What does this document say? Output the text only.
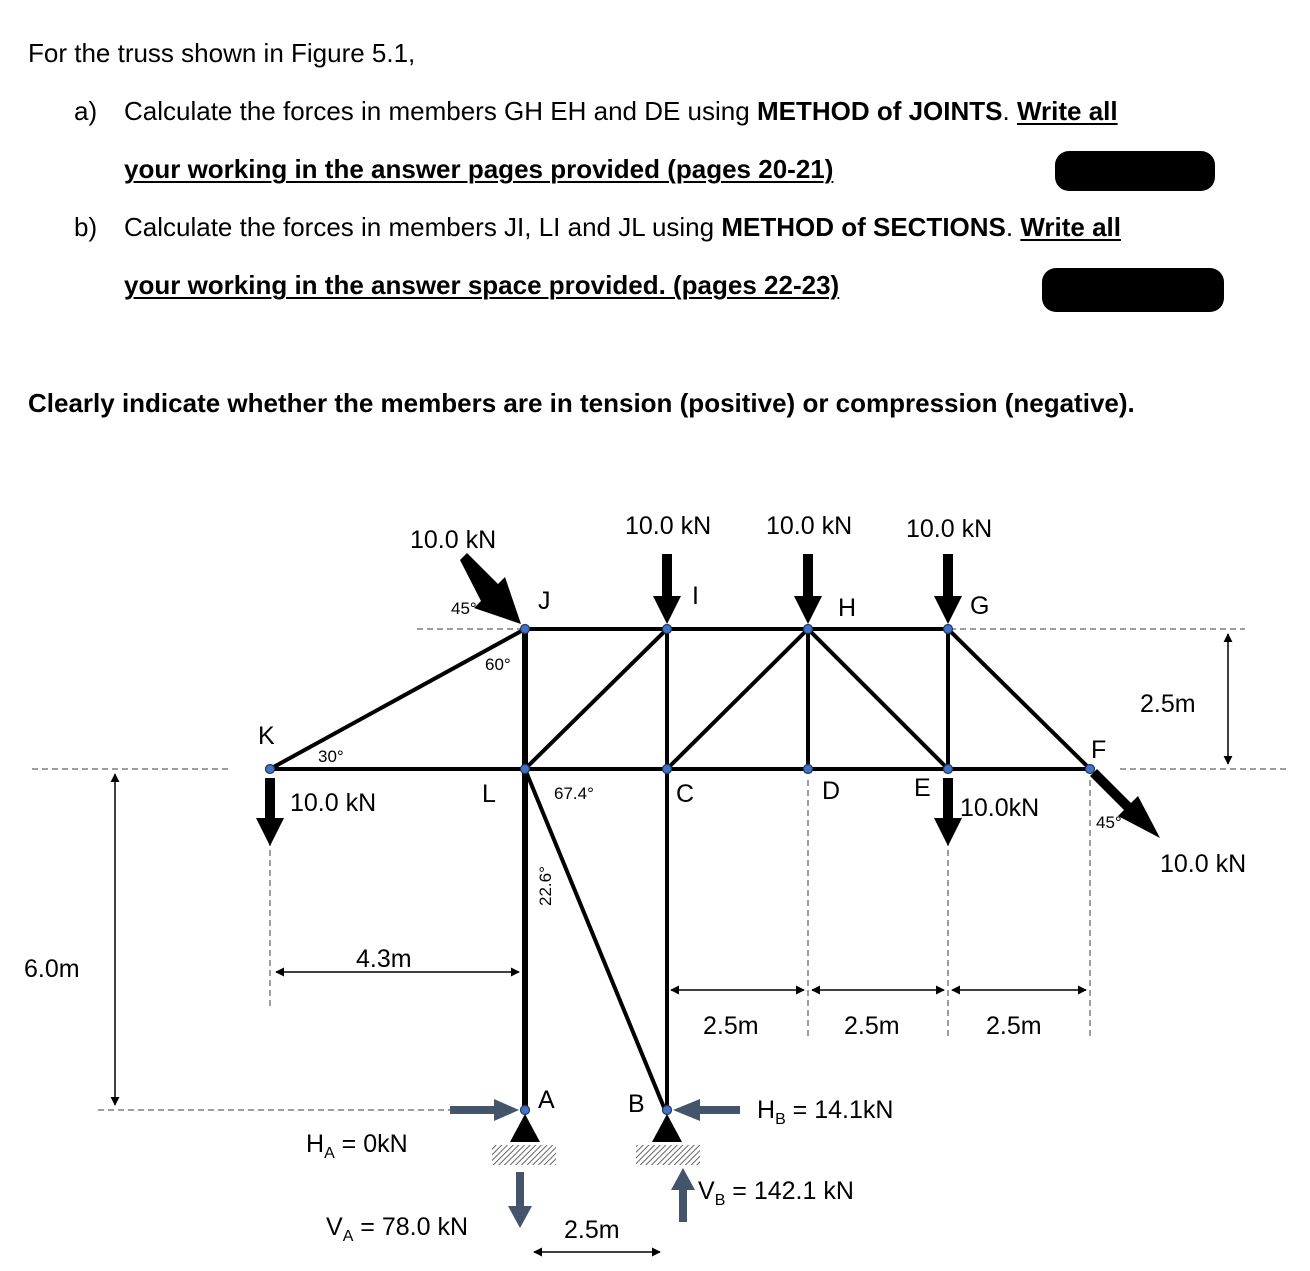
For the truss shown in Figure 5.1,
a) Calculate the forces in members GH EH and DE using METHOD of JOINTS. Write all
your working in the answer pages provided (pages 20-21)
b) Calculate the forces in members JI, LI and JL using METHOD of SECTIONS. Write all
your working in the answer space provided. (pages 22-23)
Clearly indicate whether the members are in tension (positive) or compression (negative).
K
L
J	I	H	G
C	D	E
F
A	B
10.0 kN	10.0 kN 10.0 kN 10.0 kN
10.0 kN	10.0kN
10.0 kN
45°
60°
30°
67.4°
45°
22.6°
2.5m
6.0m	4.3m
2.5m	2.5m	2.5m
2.5m
$H_A = 0kN$
$V_A = 78.0$ kN
$H_B = 14.1kN$
$V_B = 142.1$ kN
